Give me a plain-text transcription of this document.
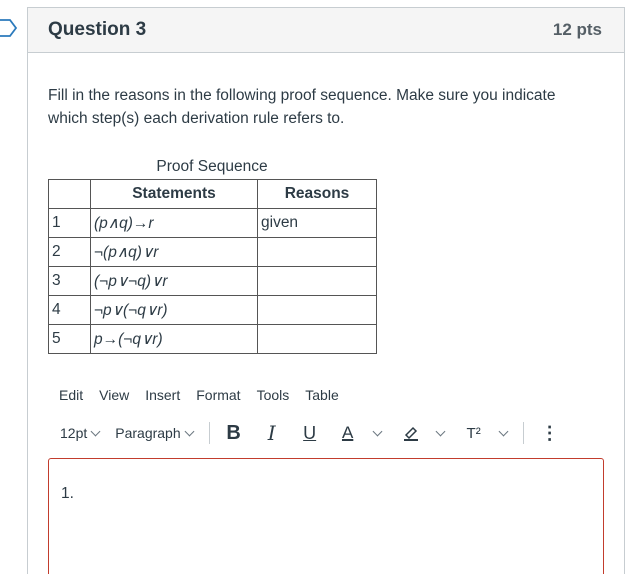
Question 3	12 pts
Fill in the reasons in the following proof sequence. Make sure you indicate which step(s) each derivation rule refers to.
Proof Sequence
	Statements	Reasons
1	(p∧q)→r	given
2	¬(p∧q)∨r	
3	(¬p∨¬q)∨r	
4	¬p∨(¬q∨r)	
5	p→(¬q∨r)	
Edit	View	Insert	Format	Tools	Table
12pt Paragraph B	I	U	A	T²	⋮
1.
